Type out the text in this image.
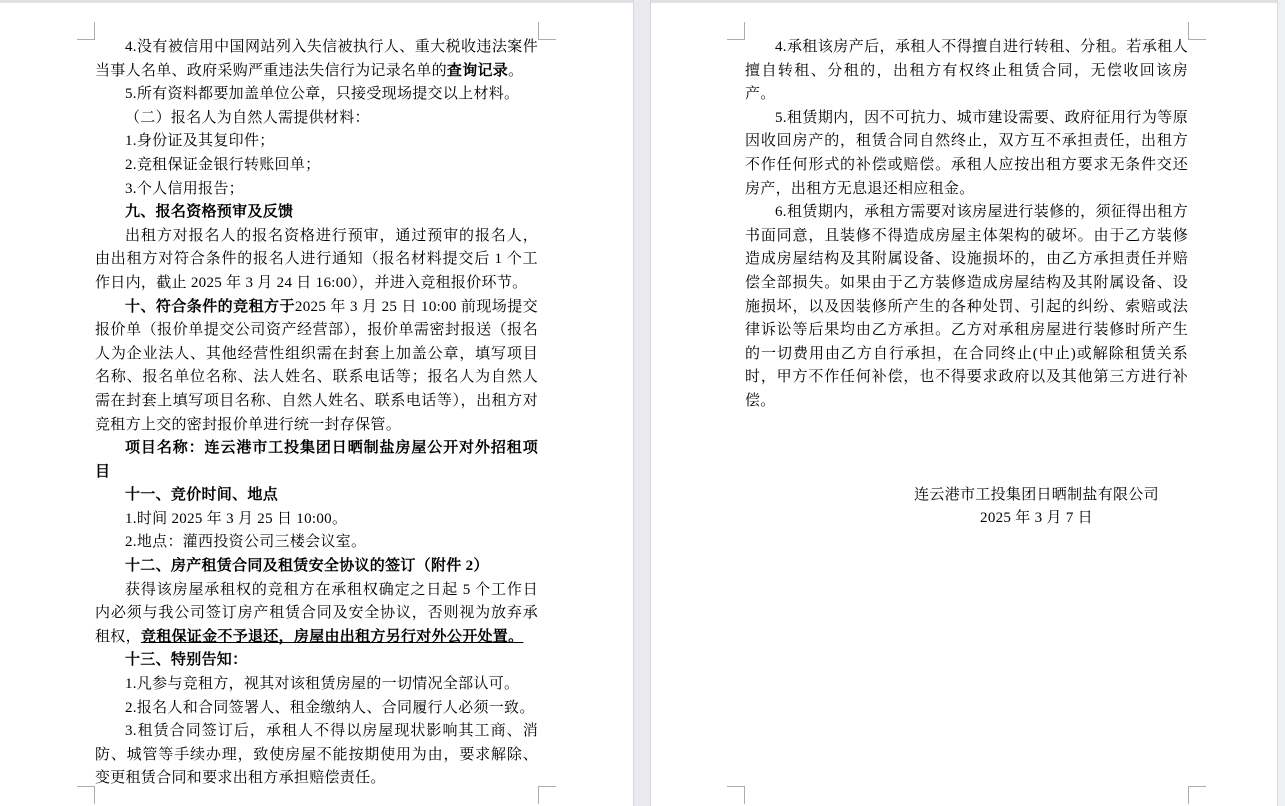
4.没有被信用中国网站列入失信被执行人、重大税收违法案件当事人名单、政府采购严重违法失信行为记录名单的查询记录。

5.所有资料都要加盖单位公章，只接受现场提交以上材料。

（二）报名人为自然人需提供材料：

1.身份证及其复印件；

2.竞租保证金银行转账回单；

3.个人信用报告；

九、报名资格预审及反馈

出租方对报名人的报名资格进行预审，通过预审的报名人，由出租方对符合条件的报名人进行通知（报名材料提交后 1 个工作日内，截止 2025 年 3 月 24 日 16:00），并进入竞租报价环节。

十、符合条件的竞租方于2025 年 3 月 25 日 10:00 前现场提交报价单（报价单提交公司资产经营部），报价单需密封报送（报名人为企业法人、其他经营性组织需在封套上加盖公章，填写项目名称、报名单位名称、法人姓名、联系电话等；报名人为自然人需在封套上填写项目名称、自然人姓名、联系电话等），出租方对竞租方上交的密封报价单进行统一封存保管。

项目名称：连云港市工投集团日晒制盐房屋公开对外招租项目

十一、竞价时间、地点

1.时间 2025 年 3 月 25 日 10:00。

2.地点：灌西投资公司三楼会议室。

十二、房产租赁合同及租赁安全协议的签订（附件 2）

获得该房屋承租权的竞租方在承租权确定之日起 5 个工作日内必须与我公司签订房产租赁合同及安全协议，否则视为放弃承租权，竞租保证金不予退还，房屋由出租方另行对外公开处置。

十三、特别告知：

1.凡参与竞租方，视其对该租赁房屋的一切情况全部认可。

2.报名人和合同签署人、租金缴纳人、合同履行人必须一致。

3.租赁合同签订后，承租人不得以房屋现状影响其工商、消防、城管等手续办理，致使房屋不能按期使用为由，要求解除、变更租赁合同和要求出租方承担赔偿责任。

4.承租该房产后，承租人不得擅自进行转租、分租。若承租人擅自转租、分租的，出租方有权终止租赁合同，无偿收回该房产。

5.租赁期内，因不可抗力、城市建设需要、政府征用行为等原因收回房产的，租赁合同自然终止，双方互不承担责任，出租方不作任何形式的补偿或赔偿。承租人应按出租方要求无条件交还房产，出租方无息退还相应租金。

6.租赁期内，承租方需要对该房屋进行装修的，须征得出租方书面同意，且装修不得造成房屋主体架构的破坏。由于乙方装修造成房屋结构及其附属设备、设施损坏的，由乙方承担责任并赔偿全部损失。如果由于乙方装修造成房屋结构及其附属设备、设施损坏，以及因装修所产生的各种处罚、引起的纠纷、索赔或法律诉讼等后果均由乙方承担。乙方对承租房屋进行装修时所产生的一切费用由乙方自行承担，在合同终止(中止)或解除租赁关系时，甲方不作任何补偿，也不得要求政府以及其他第三方进行补偿。

连云港市工投集团日晒制盐有限公司

2025 年 3 月 7 日
